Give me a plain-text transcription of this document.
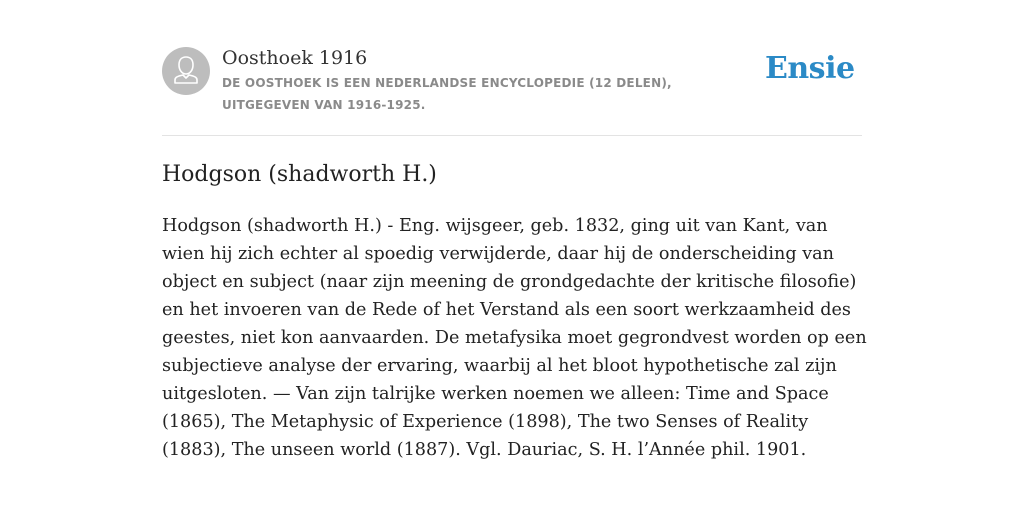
Oosthoek 1916
DE OOSTHOEK IS EEN NEDERLANDSE ENCYCLOPEDIE (12 DELEN), UITGEGEVEN VAN 1916-1925.
Ensie
Hodgson (shadworth H.)

Hodgson (shadworth H.) - Eng. wijsgeer, geb. 1832, ging uit van Kant, van wien hij zich echter al spoedig verwijderde, daar hij de onderscheiding van object en subject (naar zijn meening de grondgedachte der kritische filosofie) en het invoeren van de Rede of het Verstand als een soort werkzaamheid des geestes, niet kon aanvaarden. De metafysika moet gegrondvest worden op een subjectieve analyse der ervaring, waarbij al het bloot hypothetische zal zijn uitgesloten. — Van zijn talrijke werken noemen we alleen: Time and Space (1865), The Metaphysic of Experience (1898), The two Senses of Reality (1883), The unseen world (1887). Vgl. Dauriac, S. H. l’Année phil. 1901.
